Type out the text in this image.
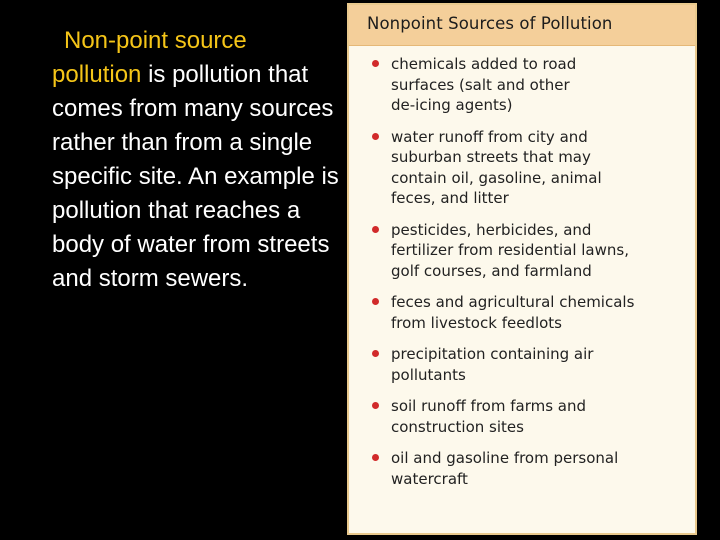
Non-point source pollution is pollution that comes from many sources rather than from a single specific site. An example is pollution that reaches a body of water from streets and storm sewers.
Nonpoint Sources of Pollution
chemicals added to road
surfaces (salt and other
de-icing agents)
water runoff from city and
suburban streets that may
contain oil, gasoline, animal
feces, and litter
pesticides, herbicides, and
fertilizer from residential lawns,
golf courses, and farmland
feces and agricultural chemicals
from livestock feedlots
precipitation containing air
pollutants
soil runoff from farms and
construction sites
oil and gasoline from personal
watercraft
